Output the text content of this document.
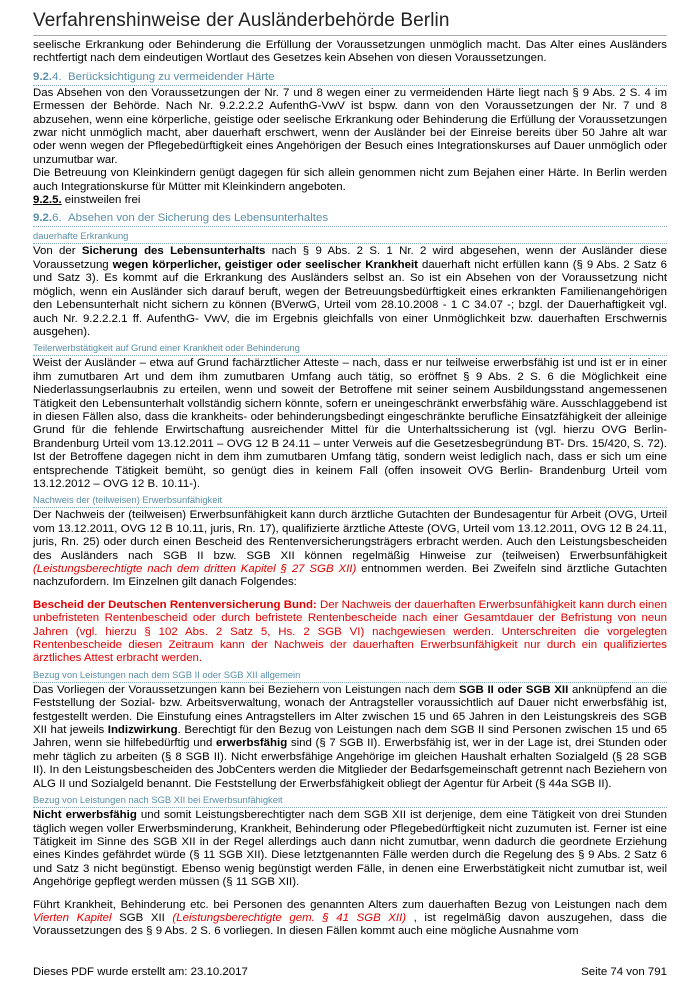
Verfahrenshinweise der Ausländerbehörde Berlin

seelische Erkrankung oder Behinderung die Erfüllung der Voraussetzungen unmöglich macht. Das Alter eines Ausländers rechtfertigt nach dem eindeutigen Wortlaut des Gesetzes kein Absehen von diesen Voraussetzungen.

9.2.4. Berücksichtigung zu vermeidender Härte

Das Absehen von den Voraussetzungen der Nr. 7 und 8 wegen einer zu vermeidenden Härte liegt nach § 9 Abs. 2 S. 4 im Ermessen der Behörde. Nach Nr. 9.2.2.2.2 AufenthG-VwV ist bspw. dann von den Voraussetzungen der Nr. 7 und 8 abzusehen, wenn eine körperliche, geistige oder seelische Erkrankung oder Behinderung die Erfüllung der Voraussetzungen zwar nicht unmöglich macht, aber dauerhaft erschwert, wenn der Ausländer bei der Einreise bereits über 50 Jahre alt war oder wenn wegen der Pflegebedürftigkeit eines Angehörigen der Besuch eines Integrationskurses auf Dauer unmöglich oder unzumutbar war.

Die Betreuung von Kleinkindern genügt dagegen für sich allein genommen nicht zum Bejahen einer Härte. In Berlin werden auch Integrationskurse für Mütter mit Kleinkindern angeboten.

9.2.5. einstweilen frei

9.2.6. Absehen von der Sicherung des Lebensunterhaltes
dauerhafte Erkrankung

Von der Sicherung des Lebensunterhalts nach § 9 Abs. 2 S. 1 Nr. 2 wird abgesehen, wenn der Ausländer diese Voraussetzung wegen körperlicher, geistiger oder seelischer Krankheit dauerhaft nicht erfüllen kann (§ 9 Abs. 2 Satz 6 und Satz 3). Es kommt auf die Erkrankung des Ausländers selbst an. So ist ein Absehen von der Voraussetzung nicht möglich, wenn ein Ausländer sich darauf beruft, wegen der Betreuungsbedürftigkeit eines erkrankten Familienangehörigen den Lebensunterhalt nicht sichern zu können (BVerwG, Urteil vom 28.10.2008 - 1 C 34.07 -; bzgl. der Dauerhaftigkeit vgl. auch Nr. 9.2.2.2.1 ff. AufenthG- VwV, die im Ergebnis gleichfalls von einer Unmöglichkeit bzw. dauerhaften Erschwernis ausgehen).

Teilerwerbstätigkeit auf Grund einer Krankheit oder Behinderung

Weist der Ausländer – etwa auf Grund fachärztlicher Atteste – nach, dass er nur teilweise erwerbsfähig ist und ist er in einer ihm zumutbaren Art und dem ihm zumutbaren Umfang auch tätig, so eröffnet § 9 Abs. 2 S. 6 die Möglichkeit eine Niederlassungserlaubnis zu erteilen, wenn und soweit der Betroffene mit seiner seinem Ausbildungsstand angemessenen Tätigkeit den Lebensunterhalt vollständig sichern könnte, sofern er uneingeschränkt erwerbsfähig wäre. Ausschlaggebend ist in diesen Fällen also, dass die krankheits- oder behinderungsbedingt eingeschränkte berufliche Einsatzfähigkeit der alleinige Grund für die fehlende Erwirtschaftung ausreichender Mittel für die Unterhaltssicherung ist (vgl. hierzu OVG Berlin-Brandenburg Urteil vom 13.12.2011 – OVG 12 B 24.11 – unter Verweis auf die Gesetzesbegründung BT- Drs. 15/420, S. 72). Ist der Betroffene dagegen nicht in dem ihm zumutbaren Umfang tätig, sondern weist lediglich nach, dass er sich um eine entsprechende Tätigkeit bemüht, so genügt dies in keinem Fall (offen insoweit OVG Berlin- Brandenburg Urteil vom 13.12.2012 – OVG 12 B. 10.11-).

Nachweis der (teilweisen) Erwerbsunfähigkeit

Der Nachweis der (teilweisen) Erwerbsunfähigkeit kann durch ärztliche Gutachten der Bundesagentur für Arbeit (OVG, Urteil vom 13.12.2011, OVG 12 B 10.11, juris, Rn. 17), qualifizierte ärztliche Atteste (OVG, Urteil vom 13.12.2011, OVG 12 B 24.11, juris, Rn. 25) oder durch einen Bescheid des Rentenversicherungsträgers erbracht werden. Auch den Leistungsbescheiden des Ausländers nach SGB II bzw. SGB XII können regelmäßig Hinweise zur (teilweisen) Erwerbsunfähigkeit (Leistungsberechtigte nach dem dritten Kapitel § 27 SGB XII) entnommen werden. Bei Zweifeln sind ärztliche Gutachten nachzufordern. Im Einzelnen gilt danach Folgendes:

Bescheid der Deutschen Rentenversicherung Bund: Der Nachweis der dauerhaften Erwerbsunfähigkeit kann durch einen unbefristeten Rentenbescheid oder durch befristete Rentenbescheide nach einer Gesamtdauer der Befristung von neun Jahren (vgl. hierzu § 102 Abs. 2 Satz 5, Hs. 2 SGB VI) nachgewiesen werden. Unterschreiten die vorgelegten Rentenbescheide diesen Zeitraum kann der Nachweis der dauerhaften Erwerbsunfähigkeit nur durch ein qualifiziertes ärztliches Attest erbracht werden.

Bezug von Leistungen nach dem SGB II oder SGB XII allgemein

Das Vorliegen der Voraussetzungen kann bei Beziehern von Leistungen nach dem SGB II oder SGB XII anknüpfend an die Feststellung der Sozial- bzw. Arbeitsverwaltung, wonach der Antragsteller voraussichtlich auf Dauer nicht erwerbsfähig ist, festgestellt werden. Die Einstufung eines Antragstellers im Alter zwischen 15 und 65 Jahren in den Leistungskreis des SGB XII hat jeweils Indizwirkung. Berechtigt für den Bezug von Leistungen nach dem SGB II sind Personen zwischen 15 und 65 Jahren, wenn sie hilfebedürftig und erwerbsfähig sind (§ 7 SGB II). Erwerbsfähig ist, wer in der Lage ist, drei Stunden oder mehr täglich zu arbeiten (§ 8 SGB II). Nicht erwerbsfähige Angehörige im gleichen Haushalt erhalten Sozialgeld (§ 28 SGB II). In den Leistungsbescheiden des JobCenters werden die Mitglieder der Bedarfsgemeinschaft getrennt nach Beziehern von ALG II und Sozialgeld benannt. Die Feststellung der Erwerbsfähigkeit obliegt der Agentur für Arbeit (§ 44a SGB II).

Bezug von Leistungen nach SGB XII bei Erwerbsunfähigkeit

Nicht erwerbsfähig und somit Leistungsberechtigter nach dem SGB XII ist derjenige, dem eine Tätigkeit von drei Stunden täglich wegen voller Erwerbsminderung, Krankheit, Behinderung oder Pflegebedürftigkeit nicht zuzumuten ist. Ferner ist eine Tätigkeit im Sinne des SGB XII in der Regel allerdings auch dann nicht zumutbar, wenn dadurch die geordnete Erziehung eines Kindes gefährdet würde (§ 11 SGB XII). Diese letztgenannten Fälle werden durch die Regelung des § 9 Abs. 2 Satz 6 und Satz 3 nicht begünstigt. Ebenso wenig begünstigt werden Fälle, in denen eine Erwerbstätigkeit nicht zumutbar ist, weil Angehörige gepflegt werden müssen (§ 11 SGB XII).

Führt Krankheit, Behinderung etc. bei Personen des genannten Alters zum dauerhaften Bezug von Leistungen nach dem Vierten Kapitel SGB XII (Leistungsberechtigte gem. § 41 SGB XII) , ist regelmäßig davon auszugehen, dass die Voraussetzungen des § 9 Abs. 2 S. 6 vorliegen. In diesen Fällen kommt auch eine mögliche Ausnahme vom

Dieses PDF wurde erstellt am: 23.10.2017	Seite 74 von 791
